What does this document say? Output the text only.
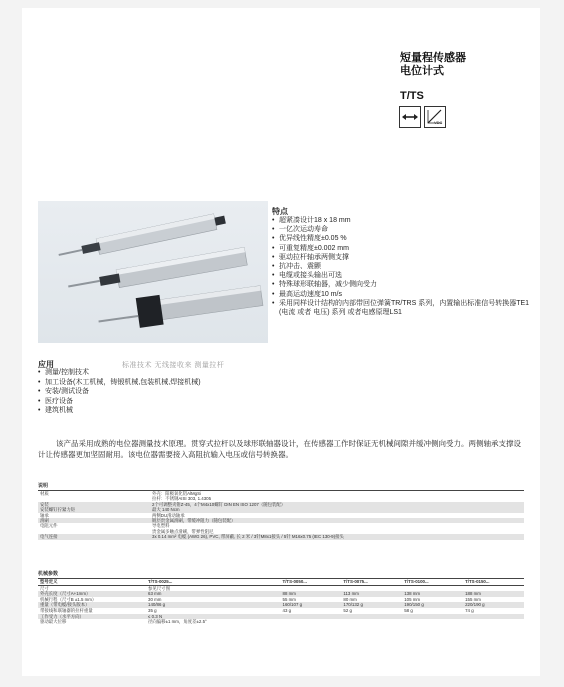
短量程传感器
电位计式
T/TS
VDC
特点
• 超紧凑设计18 x 18 mm
• 一亿次运动寿命
• 优异线性精度±0.05 %
• 可重复精度±0.002 mm
• 驱动拉杆轴承两侧支撑
• 抗冲击、震颤
• 电缆或接头输出可选
• 特殊球形联轴器，减少侧向受力
• 最高运动速度10 m/s
• 采用同样设计结构的内部带回位弹簧TR/TRS 系列，内置输出标准信号转换器TE1 (电流 或者 电压) 系列 或者电感原理LS1
应用
• 测量/控制技术
• 加工设备(木工机械，铸锻机械,包装机械,焊接机械)
• 安装/测试设备
• 医疗设备
• 建筑机械
标准技术 无线接收来 测量拉杆
该产品采用成熟的电位器测量技术原理。贯穿式拉杆以及球形联轴器设计，在传感器工作时保证无机械间隙并缓冲侧向受力。两侧轴承支撑设计让传感器更加坚固耐用。该电位器需要接入高阻抗输入电压或信号转换器。
说明
材质	外壳：阳极氧化铝AlMgSi
	拉杆：不锈钢AISI 303, 1.4305
安装	2个可调整夹钳Z-45，4个M4x10螺钉 DIN EN ISO 1207（随包装配）
安装螺钉拧紧力矩	最大 140 Ncm
轴承	两侧DU滑动轴承
滑刷	镀层贵金属滑刷，带缓冲阻力（随包装配）
电阻元件	导电塑料
	贵金属多触点滑刷，带弹性阻尼
电气连接	3x 0.14 mm² 电缆 (AWG 26), PVC, 带屏蔽, 长 2 米 / 3针M8x1接头 / 5针 M16x0.75 (IEC 130-9)接头
机械参数
型号定义	T/TS-0025...	T/TS-0050...	T/TS-0075...	T/TS-0100...	T/TS-0150...
尺寸	参见尺寸图				
外壳长度（尺寸A+1mm）	63 mm	88 mm	113 mm	138 mm	188 mm
机械行程（尺寸B ±1.5 mm）	30 mm	55 mm	80 mm	105 mm	155 mm
重量（带电缆/接头版本）	140/86 g	160/107 g	170/132 g	190/150 g	220/190 g
带接线和联轴器的拉杆重量	35 g	43 g	52 g	58 g	74 g
工作受力（水平方向）	≤ 0.3 N				
驱动最大位移	径向偏移±1 mm，角度差±2.5°				
